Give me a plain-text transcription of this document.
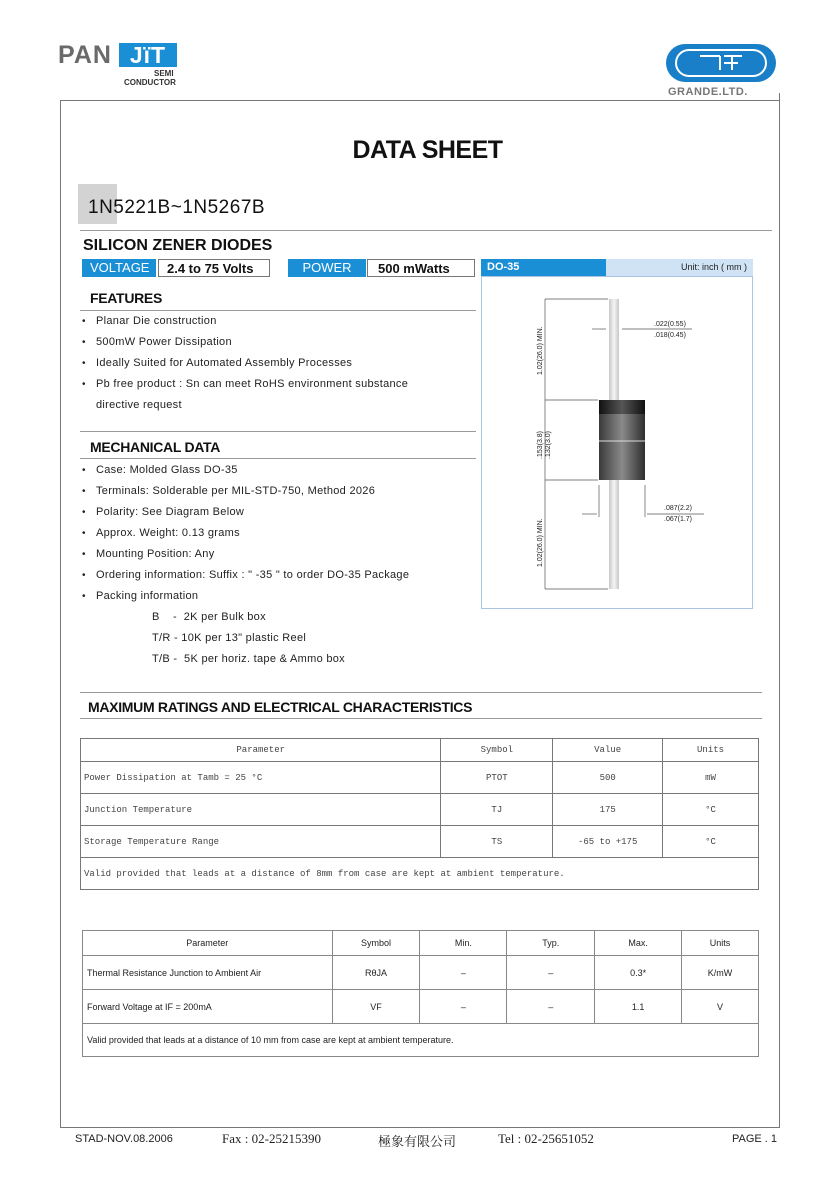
PAN JïT
SEMI
CONDUCTOR
GRANDE.LTD.
DATA SHEET
1N5221B~1N5267B
SILICON ZENER DIODES
VOLTAGE	2.4 to 75 Volts	POWER	500 mWatts
FEATURES
• Planar Die construction
• 500mW Power Dissipation
• Ideally Suited for Automated Assembly Processes
• Pb free product : Sn can meet RoHS environment substance
directive request
MECHANICAL DATA
• Case: Molded Glass DO-35
• Terminals: Solderable per MIL-STD-750, Method 2026
• Polarity: See Diagram Below
• Approx. Weight: 0.13 grams
• Mounting Position: Any
• Ordering information: Suffix : " -35 " to order DO-35 Package
• Packing information
B    -  2K per Bulk box
T/R - 10K per 13" plastic Reel
T/B -  5K per horiz. tape & Ammo box
DO-35	Unit: inch ( mm )
.022(0.55)
.018(0.45)
.087(2.2)
.067(1.7)
1.02(26.0) MIN.
.153(3.8) .132(3.0)
1.02(26.0) MIN.
MAXIMUM RATINGS AND ELECTRICAL CHARACTERISTICS
Parameter	Symbol	Value	Units
Power Dissipation at Tamb = 25 °C	PTOT	500	mW
Junction Temperature	TJ	175	°C
Storage Temperature Range	TS	-65 to +175	°C
Valid provided that leads at a distance of 8mm from case are kept at ambient temperature.			
Parameter	Symbol	Min.	Typ.	Max.	Units
Thermal Resistance Junction to Ambient Air	RθJA	–	–	0.3*	K/mW
Forward Voltage at IF = 200mA	VF	–	–	1.1	V
Valid provided that leads at a distance of 10 mm from case are kept at ambient temperature.					
STAD-NOV.08.2006	Fax : 02-25215390	極象有限公司	Tel : 02-25651052	PAGE . 1
